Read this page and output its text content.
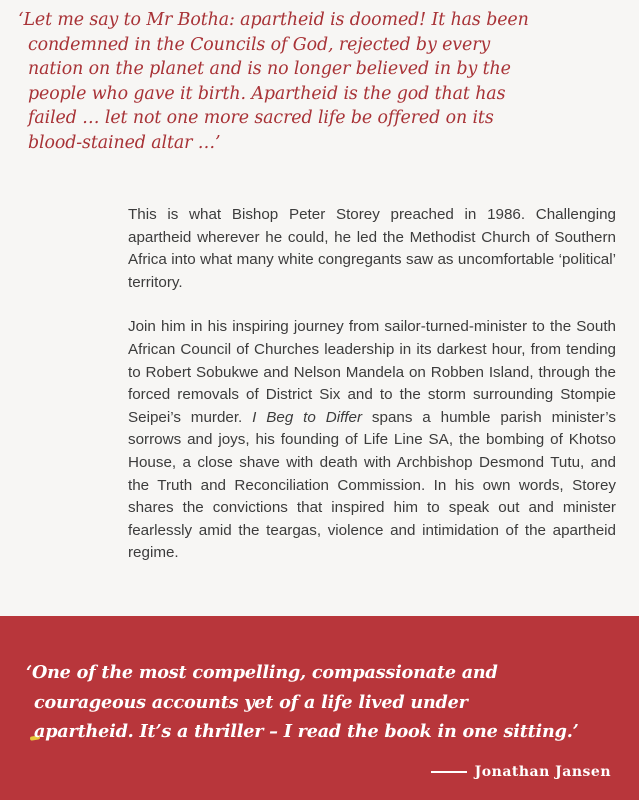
‘Let me say to Mr Botha: apartheid is doomed! It has been
condemned in the Councils of God, rejected by every
nation on the planet and is no longer believed in by the
people who gave it birth. Apartheid is the god that has
failed … let not one more sacred life be offered on its
blood-stained altar …’

This is what Bishop Peter Storey preached in 1986. Challenging apartheid wherever he could, he led the Methodist Church of Southern Africa into what many white congregants saw as uncomfortable ‘political’ territory.

Join him in his inspiring journey from sailor-turned-minister to the South African Council of Churches leadership in its darkest hour, from tending to Robert Sobukwe and Nelson Mandela on Robben Island, through the forced removals of District Six and to the storm surrounding Stompie Seipei’s murder. I Beg to Differ spans a humble parish minister’s sorrows and joys, his founding of Life Line SA, the bombing of Khotso House, a close shave with death with Archbishop Desmond Tutu, and the Truth and Reconciliation Commission. In his own words, Storey shares the convictions that inspired him to speak out and minister fearlessly amid the teargas, violence and intimidation of the apartheid regime.

‘One of the most compelling, compassionate and
courageous accounts yet of a life lived under
apartheid. It’s a thriller – I read the book in one sitting.’
Jonathan Jansen
